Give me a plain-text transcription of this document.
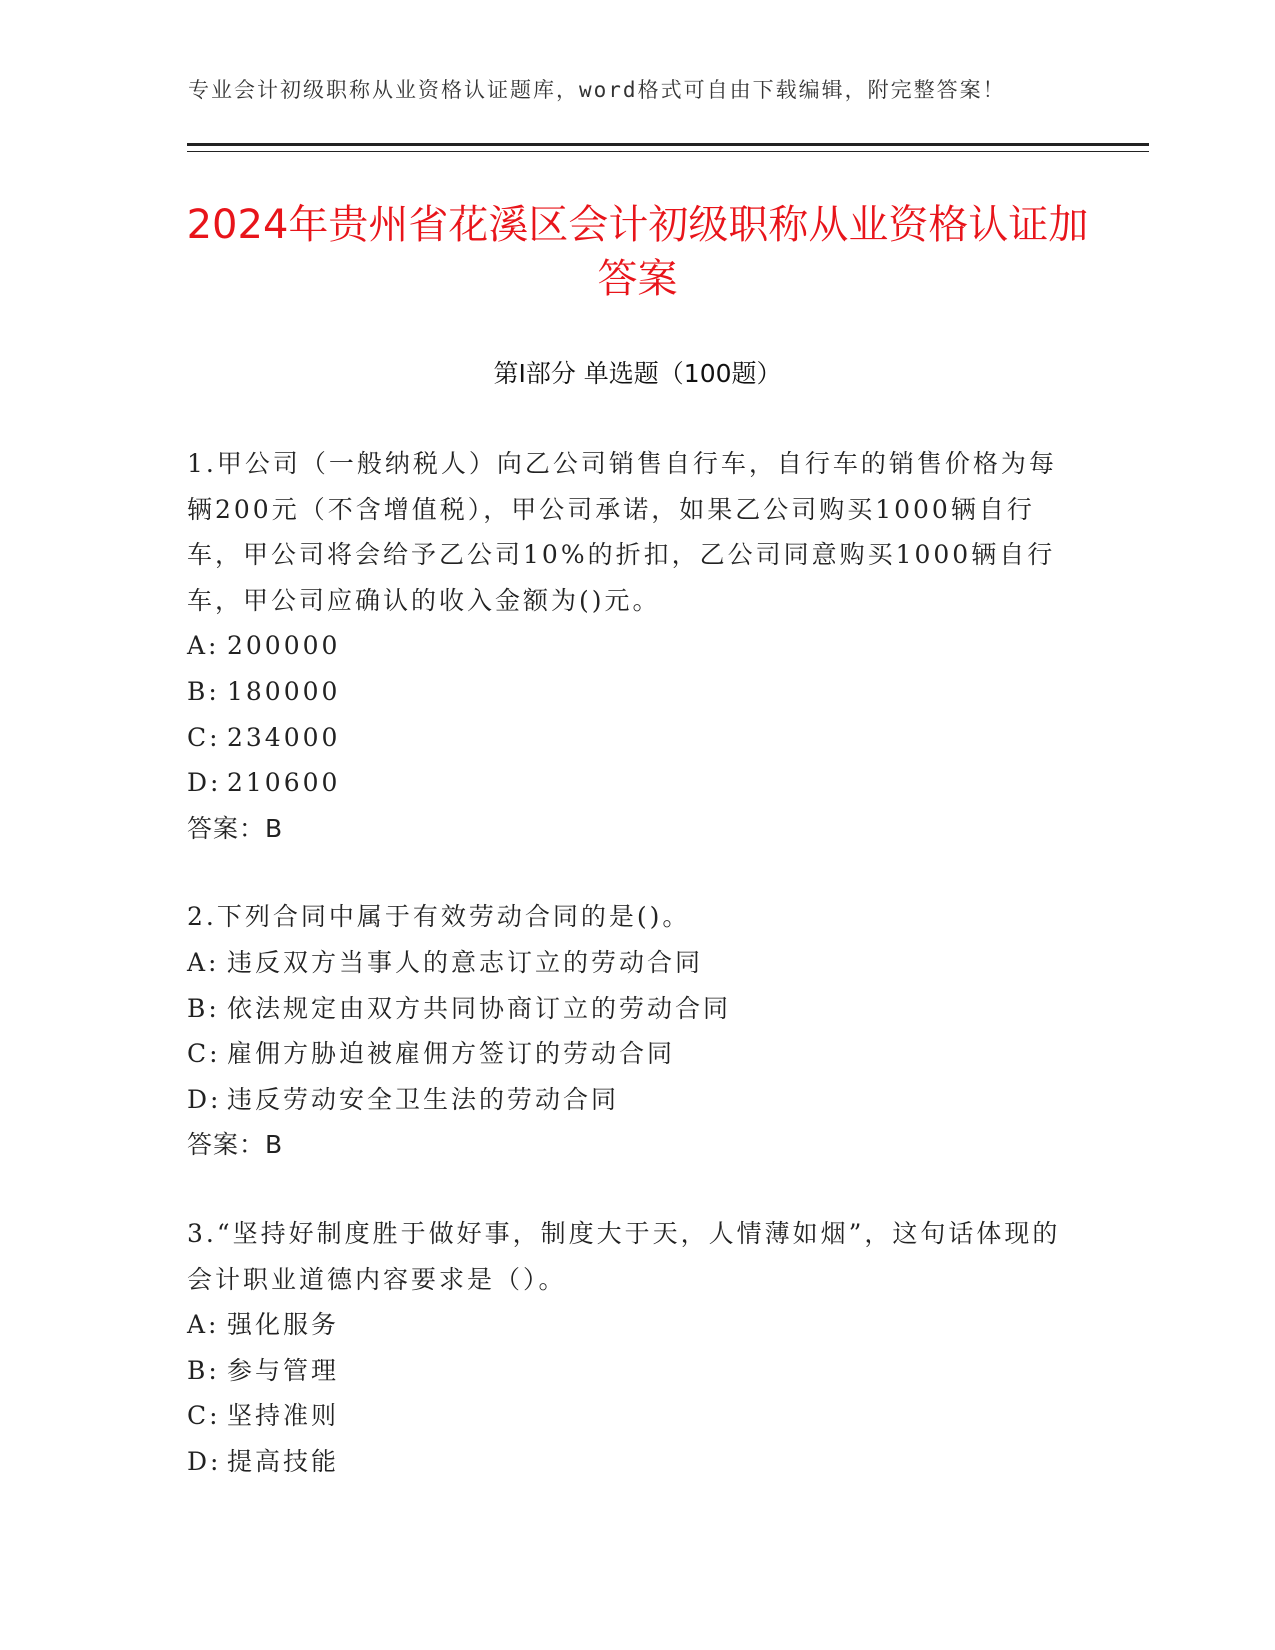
专业会计初级职称从业资格认证题库，word格式可自由下载编辑，附完整答案！
2024年贵州省花溪区会计初级职称从业资格认证加答案
第I部分 单选题（100题）

1.甲公司（一般纳税人）向乙公司销售自行车，自行车的销售价格为每辆200元（不含增值税），甲公司承诺，如果乙公司购买1000辆自行车，甲公司将会给予乙公司10%的折扣，乙公司同意购买1000辆自行车，甲公司应确认的收入金额为()元。

A: 200000

B: 180000

C: 234000

D: 210600

答案：B

2.下列合同中属于有效劳动合同的是()。

A: 违反双方当事人的意志订立的劳动合同

B: 依法规定由双方共同协商订立的劳动合同

C: 雇佣方胁迫被雇佣方签订的劳动合同

D: 违反劳动安全卫生法的劳动合同

答案：B

3.“坚持好制度胜于做好事，制度大于天，人情薄如烟”，这句话体现的会计职业道德内容要求是（）。

A: 强化服务

B: 参与管理

C: 坚持准则

D: 提高技能
